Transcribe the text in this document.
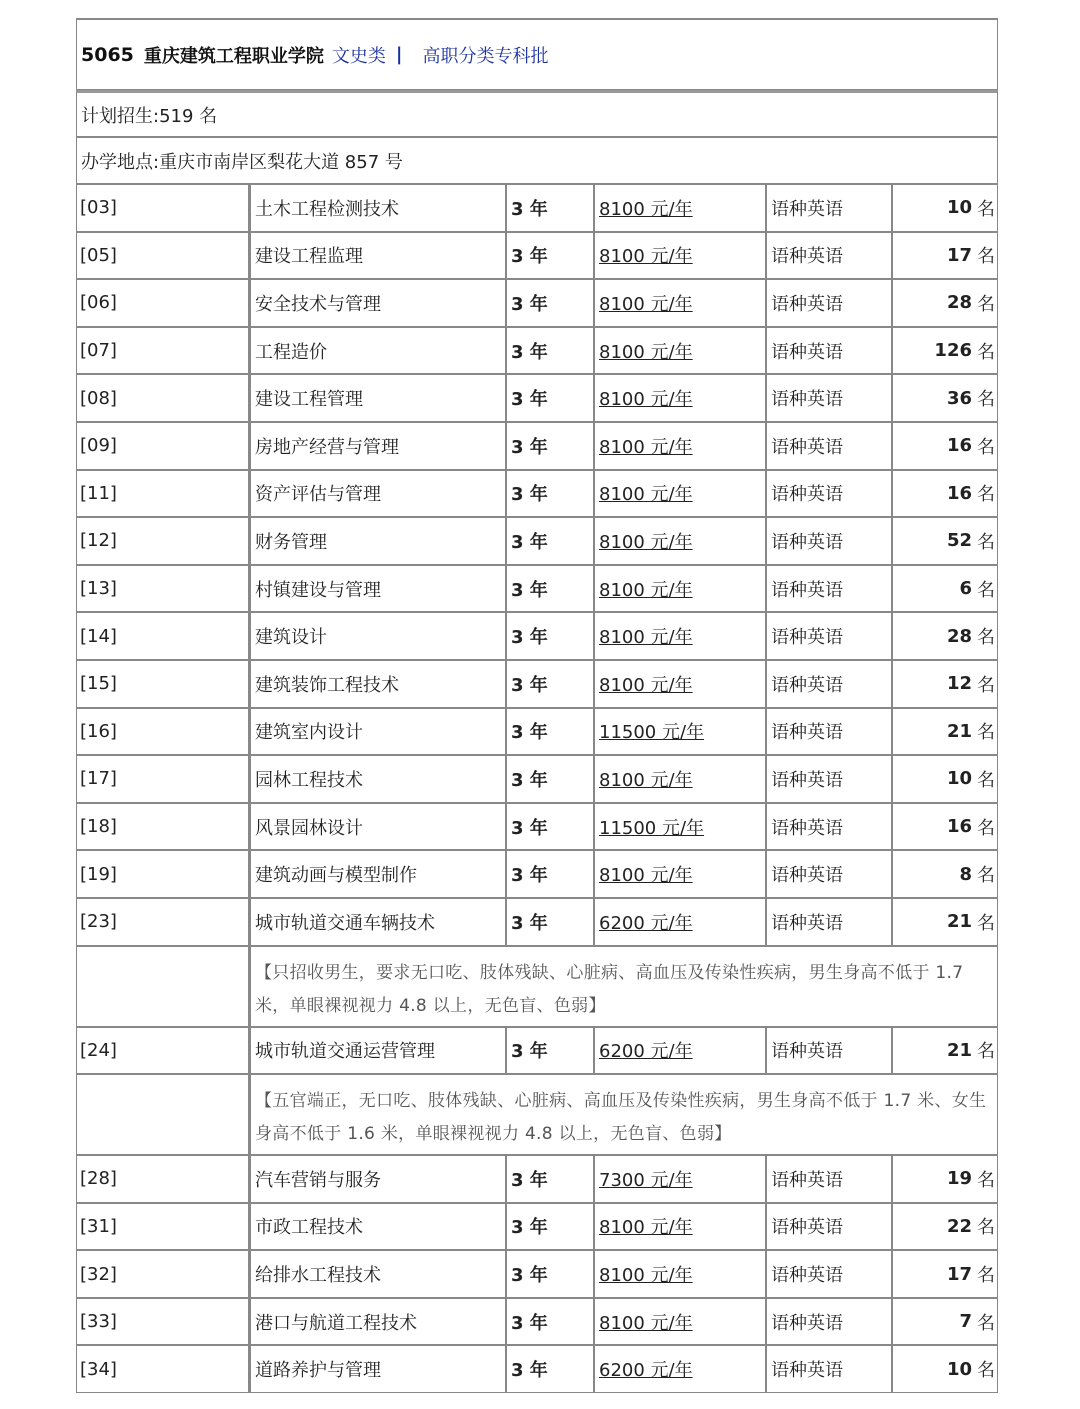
5065 重庆建筑工程职业学院 文史类 | 高职分类专科批
计划招生:519 名
办学地点:重庆市南岸区梨花大道 857 号
[03]	土木工程检测技术	3 年	8100 元/年	语种英语	10 名
[05]	建设工程监理	3 年	8100 元/年	语种英语	17 名
[06]	安全技术与管理	3 年	8100 元/年	语种英语	28 名
[07]	工程造价	3 年	8100 元/年	语种英语	126 名
[08]	建设工程管理	3 年	8100 元/年	语种英语	36 名
[09]	房地产经营与管理	3 年	8100 元/年	语种英语	16 名
[11]	资产评估与管理	3 年	8100 元/年	语种英语	16 名
[12]	财务管理	3 年	8100 元/年	语种英语	52 名
[13]	村镇建设与管理	3 年	8100 元/年	语种英语	6 名
[14]	建筑设计	3 年	8100 元/年	语种英语	28 名
[15]	建筑装饰工程技术	3 年	8100 元/年	语种英语	12 名
[16]	建筑室内设计	3 年	11500 元/年	语种英语	21 名
[17]	园林工程技术	3 年	8100 元/年	语种英语	10 名
[18]	风景园林设计	3 年	11500 元/年	语种英语	16 名
[19]	建筑动画与模型制作	3 年	8100 元/年	语种英语	8 名
[23]	城市轨道交通车辆技术	3 年	6200 元/年	语种英语	21 名
【只招收男生，要求无口吃、肢体残缺、心脏病、高血压及传染性疾病，男生身高不低于 1.7 米，单眼裸视视力 4.8 以上，无色盲、色弱】
[24]	城市轨道交通运营管理	3 年	6200 元/年	语种英语	21 名
【五官端正，无口吃、肢体残缺、心脏病、高血压及传染性疾病，男生身高不低于 1.7 米、女生身高不低于 1.6 米，单眼裸视视力 4.8 以上，无色盲、色弱】
[28]	汽车营销与服务	3 年	7300 元/年	语种英语	19 名
[31]	市政工程技术	3 年	8100 元/年	语种英语	22 名
[32]	给排水工程技术	3 年	8100 元/年	语种英语	17 名
[33]	港口与航道工程技术	3 年	8100 元/年	语种英语	7 名
[34]	道路养护与管理	3 年	6200 元/年	语种英语	10 名
